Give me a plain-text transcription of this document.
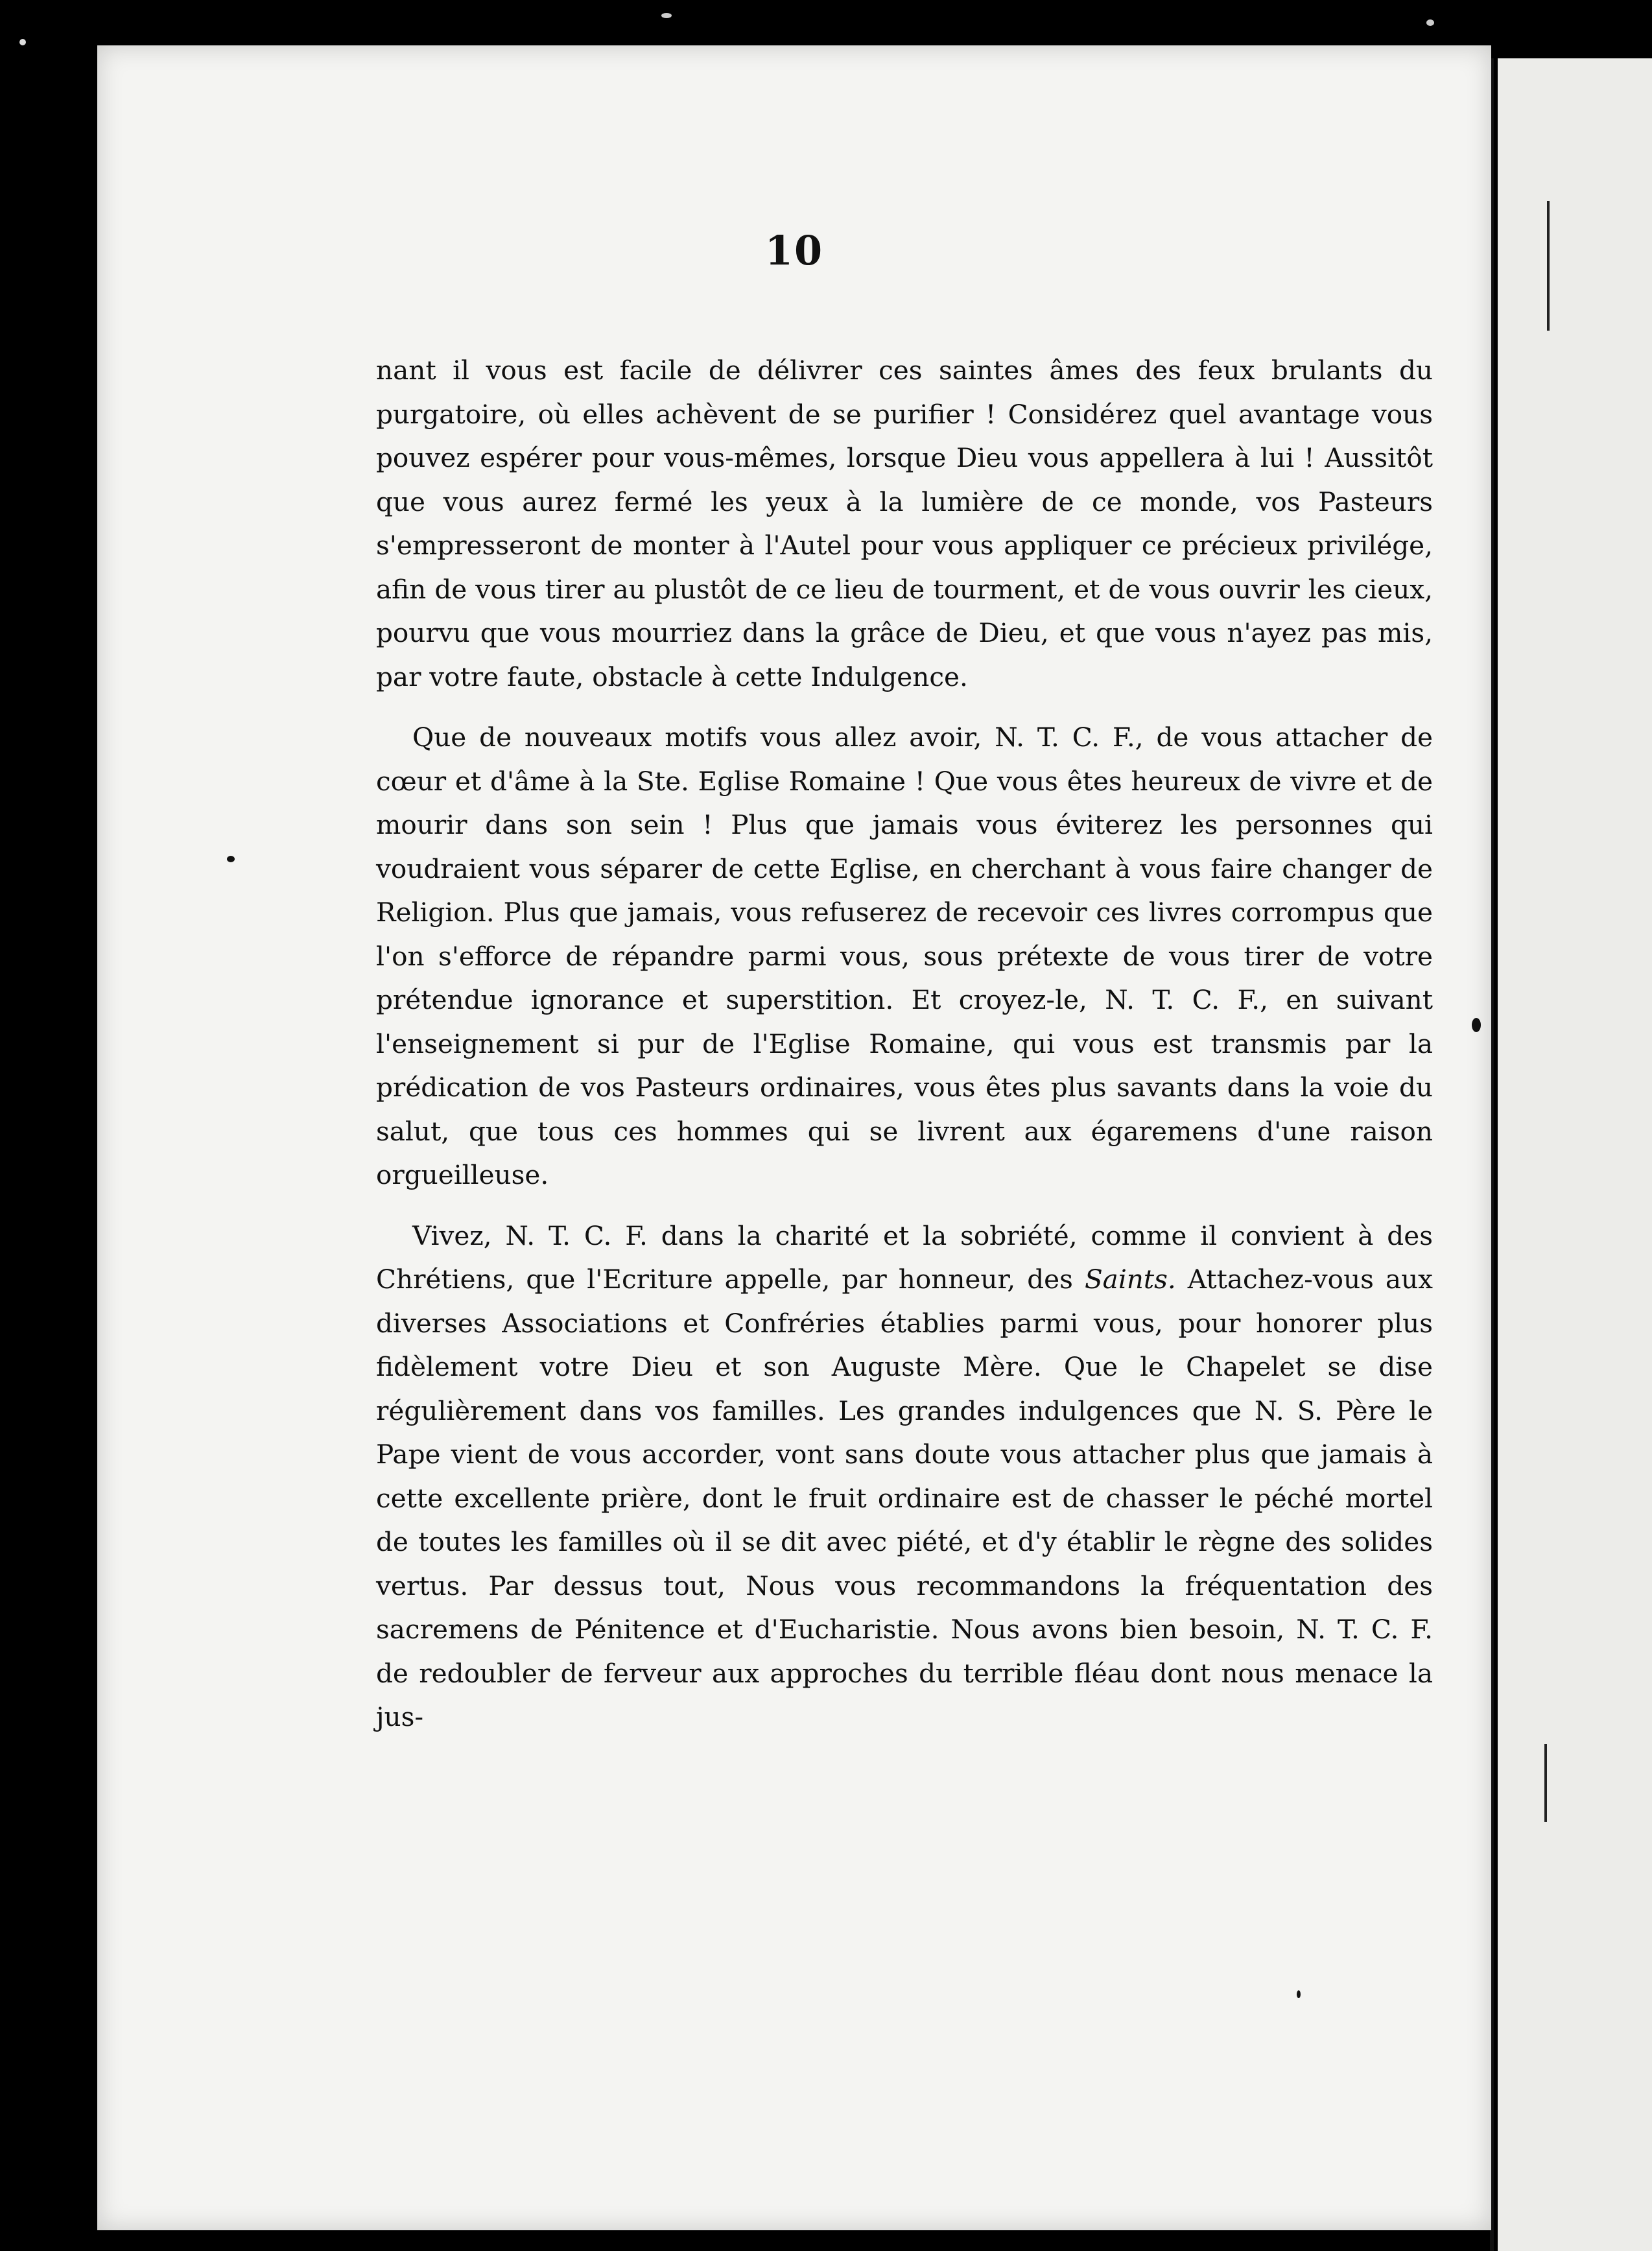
10

nant il vous est facile de délivrer ces saintes âmes des feux brulants du purgatoire, où elles achèvent de se purifier ! Considérez quel avantage vous pouvez espérer pour vous-mêmes, lorsque Dieu vous appellera à lui ! Aussitôt que vous aurez fermé les yeux à la lumière de ce monde, vos Pasteurs s'empresseront de monter à l'Autel pour vous appliquer ce précieux privilége, afin de vous tirer au plustôt de ce lieu de tourment, et de vous ouvrir les cieux, pourvu que vous mourriez dans la grâce de Dieu, et que vous n'ayez pas mis, par votre faute, obstacle à cette Indulgence.

Que de nouveaux motifs vous allez avoir, N. T. C. F., de vous attacher de cœur et d'âme à la Ste. Eglise Romaine ! Que vous êtes heureux de vivre et de mourir dans son sein ! Plus que jamais vous éviterez les personnes qui voudraient vous séparer de cette Eglise, en cherchant à vous faire changer de Religion. Plus que jamais, vous refuserez de recevoir ces livres corrompus que l'on s'efforce de répandre parmi vous, sous prétexte de vous tirer de votre prétendue ignorance et superstition. Et croyez-le, N. T. C. F., en suivant l'enseignement si pur de l'Eglise Romaine, qui vous est transmis par la prédication de vos Pasteurs ordinaires, vous êtes plus savants dans la voie du salut, que tous ces hommes qui se livrent aux égaremens d'une raison orgueilleuse.

Vivez, N. T. C. F. dans la charité et la sobriété, comme il convient à des Chrétiens, que l'Ecriture appelle, par honneur, des Saints. Attachez-vous aux diverses Associations et Confréries établies parmi vous, pour honorer plus fidèlement votre Dieu et son Auguste Mère. Que le Chapelet se dise régulièrement dans vos familles. Les grandes indulgences que N. S. Père le Pape vient de vous accorder, vont sans doute vous attacher plus que jamais à cette excellente prière, dont le fruit ordinaire est de chasser le péché mortel de toutes les familles où il se dit avec piété, et d'y établir le règne des solides vertus. Par dessus tout, Nous vous recommandons la fréquentation des sacremens de Pénitence et d'Eucharistie. Nous avons bien besoin, N. T. C. F. de redoubler de ferveur aux approches du terrible fléau dont nous menace la jus-
